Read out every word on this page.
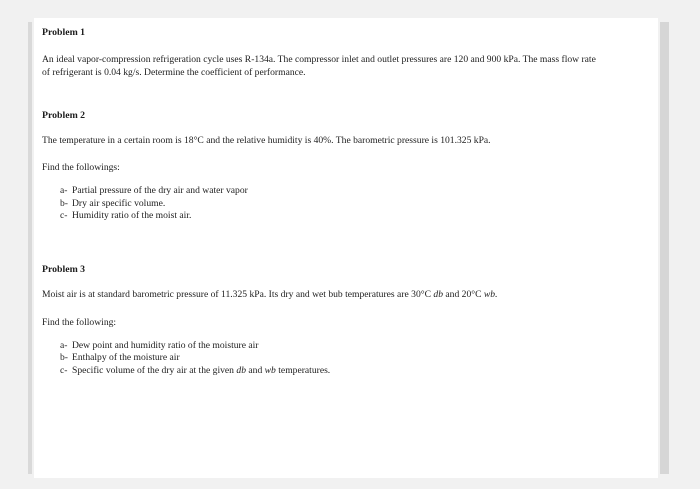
Problem 1

An ideal vapor-compression refrigeration cycle uses R-134a. The compressor inlet and outlet pressures are 120 and 900 kPa. The mass flow rate of refrigerant is 0.04 kg/s. Determine the coefficient of performance.

Problem 2

The temperature in a certain room is 18°C and the relative humidity is 40%. The barometric pressure is 101.325 kPa.

Find the followings:

a- Partial pressure of the dry air and water vapor
b- Dry air specific volume.
c- Humidity ratio of the moist air.
Problem 3

Moist air is at standard barometric pressure of 11.325 kPa. Its dry and wet bub temperatures are 30°C db and 20°C wb.

Find the following:

a- Dew point and humidity ratio of the moisture air
b- Enthalpy of the moisture air
c- Specific volume of the dry air at the given db and wb temperatures.
